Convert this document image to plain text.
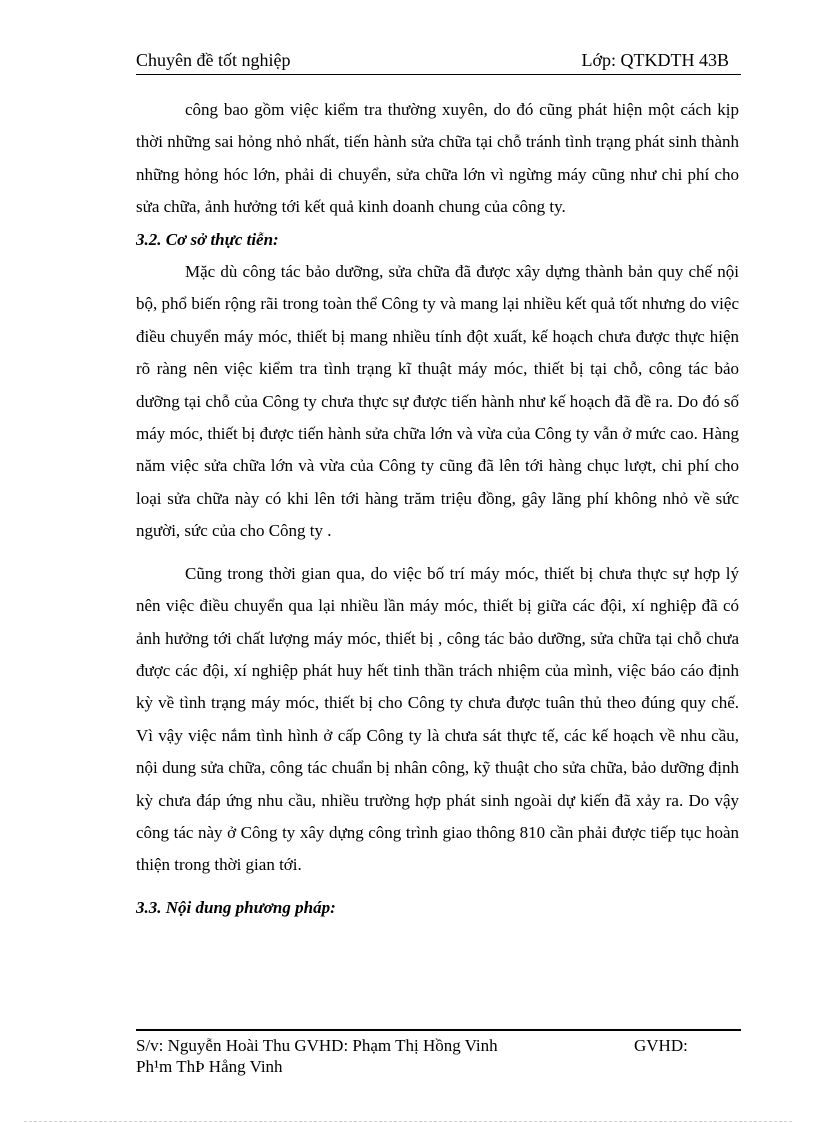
Chuyên đề tốt nghiệp	Lớp: QTKDTH 43B

công bao gồm việc kiểm tra thường xuyên, do đó cũng phát hiện một cách kịp thời những sai hỏng nhỏ nhất, tiến hành sửa chữa tại chỗ tránh tình trạng phát sinh thành những hỏng hóc lớn, phải di chuyển, sửa chữa lớn vì ngừng máy cũng như chi phí cho sửa chữa, ảnh hưởng tới kết quả kinh doanh chung của công ty.

3.2. Cơ sở thực tiễn:

Mặc dù công tác bảo dưỡng, sửa chữa đã được xây dựng thành bản quy chế nội bộ, phổ biến rộng rãi trong toàn thể Công ty và mang lại nhiều kết quả tốt nhưng do việc điều chuyển máy móc, thiết bị mang nhiều tính đột xuất, kế hoạch chưa được thực hiện rõ ràng nên việc kiểm tra tình trạng kĩ thuật máy móc, thiết bị tại chỗ, công tác bảo dưỡng tại chỗ của Công ty chưa thực sự được tiến hành như kế hoạch đã đề ra. Do đó số máy móc, thiết bị được tiến hành sửa chữa lớn và vừa của Công ty vẫn ở mức cao. Hàng năm việc sửa chữa lớn và vừa của Công ty cũng đã lên tới hàng chục lượt, chi phí cho loại sửa chữa này có khi lên tới hàng trăm triệu đồng, gây lãng phí không nhỏ về sức người, sức của cho Công ty .

Cũng trong thời gian qua, do việc bố trí máy móc, thiết bị chưa thực sự hợp lý nên việc điều chuyển qua lại nhiều lần máy móc, thiết bị giữa các đội, xí nghiệp đã có ảnh hưởng tới chất lượng máy móc, thiết bị , công tác bảo dưỡng, sửa chữa tại chỗ chưa được các đội, xí nghiệp phát huy hết tinh thần trách nhiệm của mình, việc báo cáo định kỳ về tình trạng máy móc, thiết bị cho Công ty chưa được tuân thủ theo đúng quy chế. Vì vậy việc nắm tình hình ở cấp Công ty là chưa sát thực tế, các kế hoạch về nhu cầu, nội dung sửa chữa, công tác chuẩn bị nhân công, kỹ thuật cho sửa chữa, bảo dưỡng định kỳ chưa đáp ứng nhu cầu, nhiều trường hợp phát sinh ngoài dự kiến đã xảy ra. Do vậy công tác này ở Công ty xây dựng công trình giao thông 810 cần phải được tiếp tục hoàn thiện trong thời gian tới.

3.3. Nội dung phương pháp:

S/v: Nguyễn Hoài Thu GVHD: Phạm Thị Hồng Vinh	GVHD:
Ph¹m ThÞ Hång Vinh
